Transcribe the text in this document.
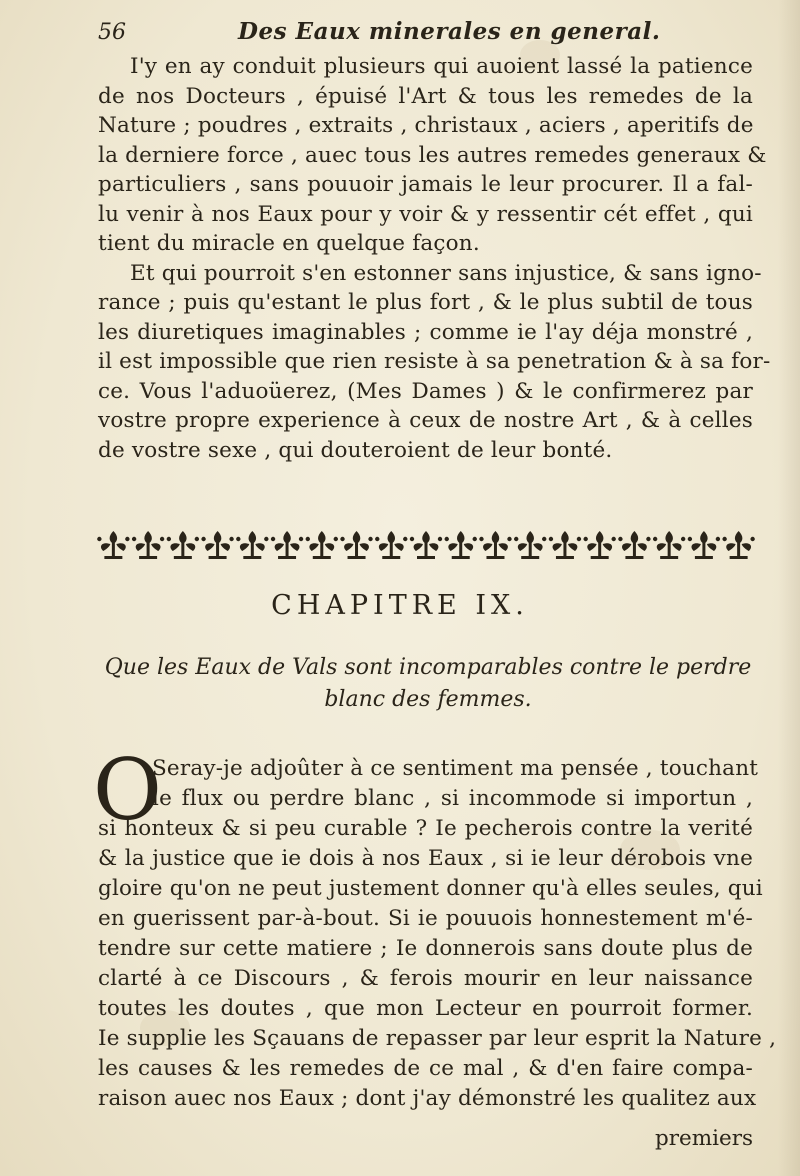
56	Des Eaux minerales en general.
I'y en ay conduit plusieurs qui auoient lassé la patience
de nos Docteurs , épuisé l'Art & tous les remedes de la
Nature ; poudres , extraits , christaux , aciers , aperitifs de
la derniere force , auec tous les autres remedes generaux &
particuliers , sans pouuoir jamais le leur procurer. Il a fal-
lu venir à nos Eaux pour y voir & y ressentir cét effet , qui
tient du miracle en quelque façon.
Et qui pourroit s'en estonner sans injustice, & sans igno-
rance ; puis qu'estant le plus fort , & le plus subtil de tous
les diuretiques imaginables ; comme ie l'ay déja monstré ,
il est impossible que rien resiste à sa penetration & à sa for-
ce. Vous l'aduoüerez, (Mes Dames ) & le confirmerez par
vostre propre experience à ceux de nostre Art , & à celles
de vostre sexe , qui douteroient de leur bonté.
CHAPITRE IX.
Que les Eaux de Vals sont incomparables contre le perdre
blanc des femmes.
O
Seray-je adjoûter à ce sentiment ma pensée , touchant
le flux ou perdre blanc , si incommode si importun ,
si honteux & si peu curable ? Ie pecherois contre la verité
& la justice que ie dois à nos Eaux , si ie leur dérobois vne
gloire qu'on ne peut justement donner qu'à elles seules, qui
en guerissent par-à-bout. Si ie pouuois honnestement m'é-
tendre sur cette matiere ; Ie donnerois sans doute plus de
clarté à ce Discours , & ferois mourir en leur naissance
toutes les doutes , que mon Lecteur en pourroit former.
Ie supplie les Sçauans de repasser par leur esprit la Nature ,
les causes & les remedes de ce mal , & d'en faire compa-
raison auec nos Eaux ; dont j'ay démonstré les qualitez aux
premiers
